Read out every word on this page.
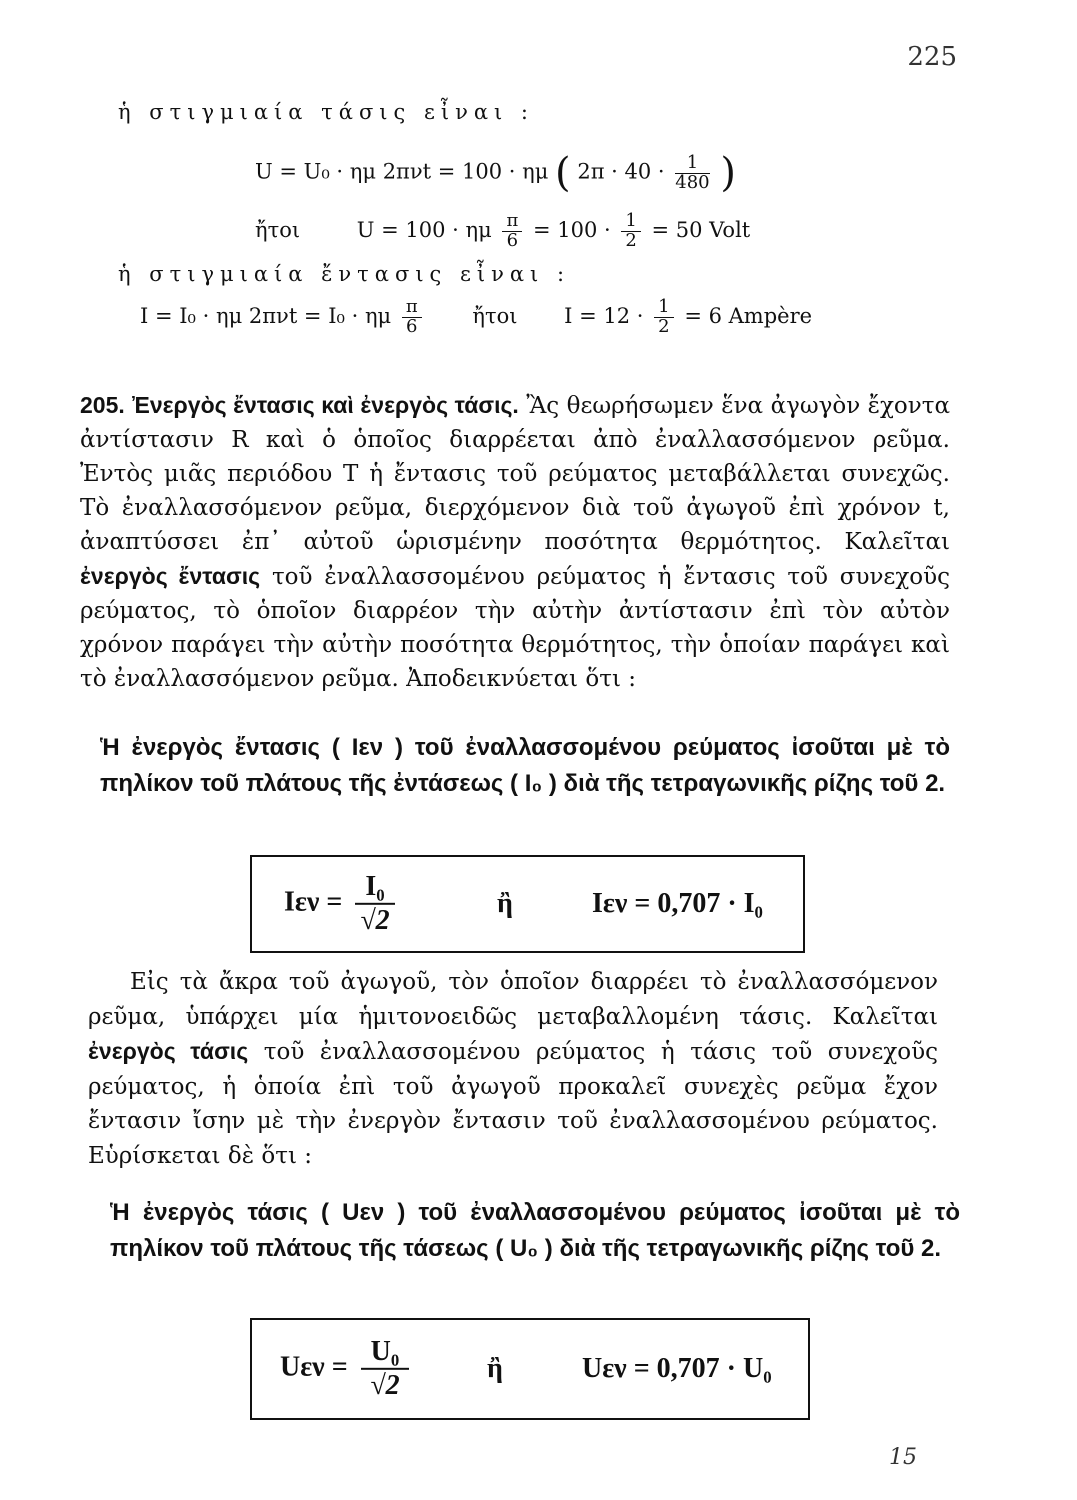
225
ἡ στιγμιαία τάσις εἶναι :
U = U₀ · ημ 2πνt = 100 · ημ ( $2\pi \cdot 40 \cdot \frac{1}{480}$ )
ἤτοι	U = 100 · ημ $\frac{\pi}{6} = 100 \cdot \frac{1}{2} = 50$ Volt
ἡ στιγμιαία ἔντασις εἶναι :
I = I₀ · ημ 2πνt = I₀ · ημ $\frac{\pi}{6}$ ἤτοι $I = 12 \cdot \frac{1}{2} = 6$ Ampère
205. Ἐνεργὸς ἔντασις καὶ ἐνεργὸς τάσις. Ἂς θεωρήσωμεν ἕνα ἀγωγὸν ἔχοντα ἀντίστασιν R καὶ ὁ ὁποῖος διαρρέεται ἀπὸ ἐναλλασσόμενον ρεῦμα. Ἐντὸς μιᾶς περιόδου T ἡ ἔντασις τοῦ ρεύματος μεταβάλλεται συνεχῶς. Τὸ ἐναλλασσόμενον ρεῦμα, διερχόμενον διὰ τοῦ ἀγωγοῦ ἐπὶ χρόνον t, ἀναπτύσσει ἐπ᾽ αὐτοῦ ὡρισμένην ποσότητα θερμότητος. Καλεῖται ἐνεργὸς ἔντασις τοῦ ἐναλλασσομένου ρεύματος ἡ ἔντασις τοῦ συνεχοῦς ρεύματος, τὸ ὁποῖον διαρρέον τὴν αὐτὴν ἀντίστασιν ἐπὶ τὸν αὐτὸν χρόνον παράγει τὴν αὐτὴν ποσότητα θερμότητος, τὴν ὁποίαν παράγει καὶ τὸ ἐναλλασσόμενον ρεῦμα. Ἀποδεικνύεται ὅτι :
Ἡ ἐνεργὸς ἔντασις ( Iεν ) τοῦ ἐναλλασσομένου ρεύματος ἰσοῦται μὲ τὸ πηλίκον τοῦ πλάτους τῆς ἐντάσεως ( I₀ ) διὰ τῆς τετραγωνικῆς ρίζης τοῦ 2.
$I\varepsilon\nu = \frac{\text{I₀}}{√2}$	ἢ	Iεν = 0,707 · I₀
Εἰς τὰ ἄκρα τοῦ ἀγωγοῦ, τὸν ὁποῖον διαρρέει τὸ ἐναλλασσόμενον ρεῦμα, ὑπάρχει μία ἡμιτονοειδῶς μεταβαλλομένη τάσις. Καλεῖται ἐνεργὸς τάσις τοῦ ἐναλλασσομένου ρεύματος ἡ τάσις τοῦ συνεχοῦς ρεύματος, ἡ ὁποία ἐπὶ τοῦ ἀγωγοῦ προκαλεῖ συνεχὲς ρεῦμα ἔχον ἔντασιν ἴσην μὲ τὴν ἐνεργὸν ἔντασιν τοῦ ἐναλλασσομένου ρεύματος. Εὑρίσκεται δὲ ὅτι :
Ἡ ἐνεργὸς τάσις ( Uεν ) τοῦ ἐναλλασσομένου ρεύματος ἰσοῦται μὲ τὸ πηλίκον τοῦ πλάτους τῆς τάσεως ( U₀ ) διὰ τῆς τετραγωνικῆς ρίζης τοῦ 2.
$U\varepsilon\nu = \frac{\text{U₀}}{√2}$	ἢ	Uεν = 0,707 · U₀
15
